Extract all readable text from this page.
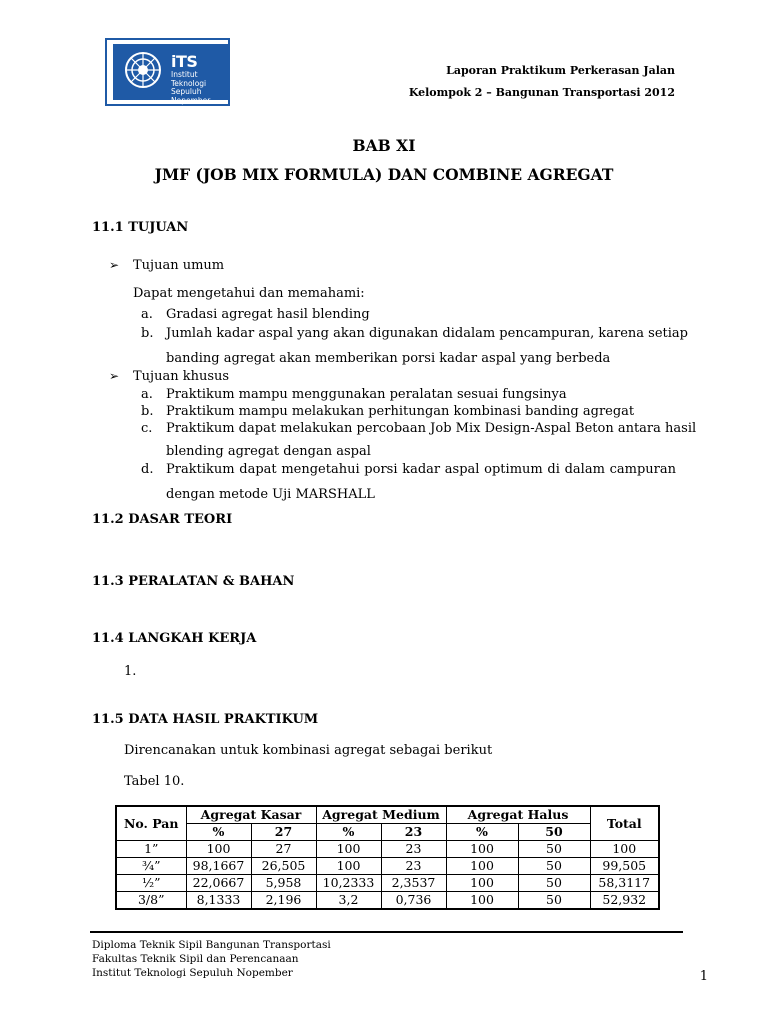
iTS
Institut
Teknologi
Sepuluh Nopember
Laporan Praktikum Perkerasan Jalan
Kelompok 2 – Bangunan Transportasi 2012
BAB XI
JMF (JOB MIX FORMULA) DAN COMBINE AGREGAT
11.1 TUJUAN
➢ Tujuan umum
Dapat mengetahui dan memahami:
a. Gradasi agregat hasil blending
b. Jumlah kadar aspal yang akan digunakan didalam pencampuran, karena setiap
banding agregat akan memberikan porsi kadar aspal yang berbeda
➢ Tujuan khusus
a. Praktikum mampu menggunakan peralatan sesuai fungsinya
b. Praktikum mampu melakukan perhitungan kombinasi banding agregat
c. Praktikum dapat melakukan percobaan Job Mix Design-Aspal Beton antara hasil
blending agregat dengan aspal
d. Praktikum dapat mengetahui porsi kadar aspal optimum di dalam campuran
dengan metode Uji MARSHALL
11.2 DASAR TEORI
11.3 PERALATAN & BAHAN
11.4 LANGKAH KERJA
1.
11.5 DATA HASIL PRAKTIKUM
Direncanakan untuk kombinasi agregat sebagai berikut
Tabel 10.
No. Pan	Agregat Kasar		Agregat Medium		Agregat Halus		Total
	%	27	%	23	%	50	
1”	100	27	100	23	100	50	100
¾”	98,1667	26,505	100	23	100	50	99,505
½”	22,0667	5,958	10,2333	2,3537	100	50	58,3117
3/8”	8,1333	2,196	3,2	0,736	100	50	52,932
Diploma Teknik Sipil Bangunan Transportasi
Fakultas Teknik Sipil dan Perencanaan
Institut Teknologi Sepuluh Nopember	1
